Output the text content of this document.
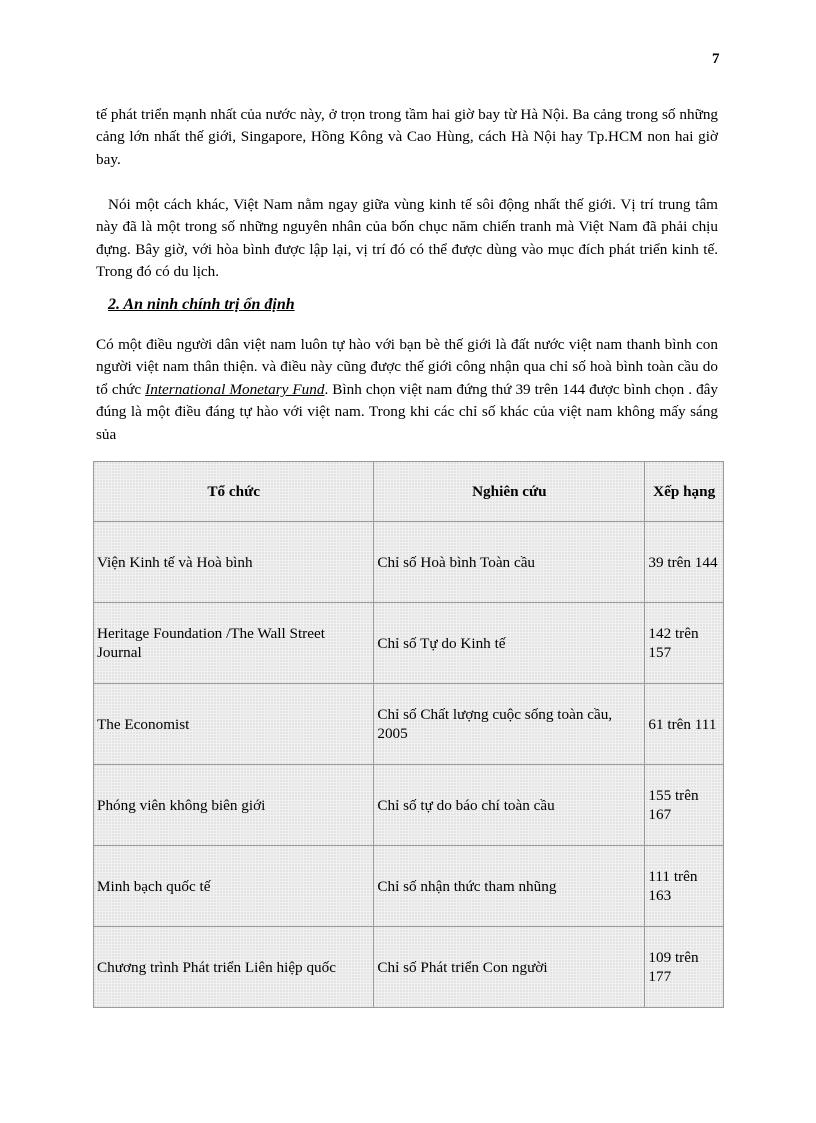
7

tế phát triển mạnh nhất của nước này, ở trọn trong tầm hai giờ bay từ Hà Nội. Ba cảng trong số những cảng lớn nhất thế giới, Singapore, Hồng Kông và Cao Hùng, cách Hà Nội hay Tp.HCM non hai giờ bay.

Nói một cách khác, Việt Nam nằm ngay giữa vùng kinh tế sôi động nhất thế giới. Vị trí trung tâm này đã là một trong số những nguyên nhân của bốn chục năm chiến tranh mà Việt Nam đã phải chịu đựng. Bây giờ, với hòa bình được lập lại, vị trí đó có thể được dùng vào mục đích phát triển kinh tế. Trong đó có du lịch.

2. An ninh chính trị ổn định

Có một điều người dân việt nam luôn tự hào với bạn bè thế giới là đất nước việt nam thanh bình con người việt nam thân thiện. và điều này cũng được thế giới công nhận qua chỉ số hoà bình toàn cầu do tổ chức International Monetary Fund. Bình chọn việt nam đứng thứ 39 trên 144 được bình chọn . đây đúng là một điều đáng tự hào với việt nam. Trong khi các chỉ số khác của việt nam không mấy sáng sủa

Tổ chức	Nghiên cứu	Xếp hạng
Viện Kinh tế và Hoà bình	Chỉ số Hoà bình Toàn cầu	39 trên 144
Heritage Foundation /The Wall Street Journal	Chỉ số Tự do Kinh tế	142 trên 157
The Economist	Chỉ số Chất lượng cuộc sống toàn cầu, 2005	61 trên 111
Phóng viên không biên giới	Chỉ số tự do báo chí toàn cầu	155 trên 167
Minh bạch quốc tế	Chỉ số nhận thức tham nhũng	111 trên 163
Chương trình Phát triển Liên hiệp quốc	Chỉ số Phát triển Con người	109 trên 177
